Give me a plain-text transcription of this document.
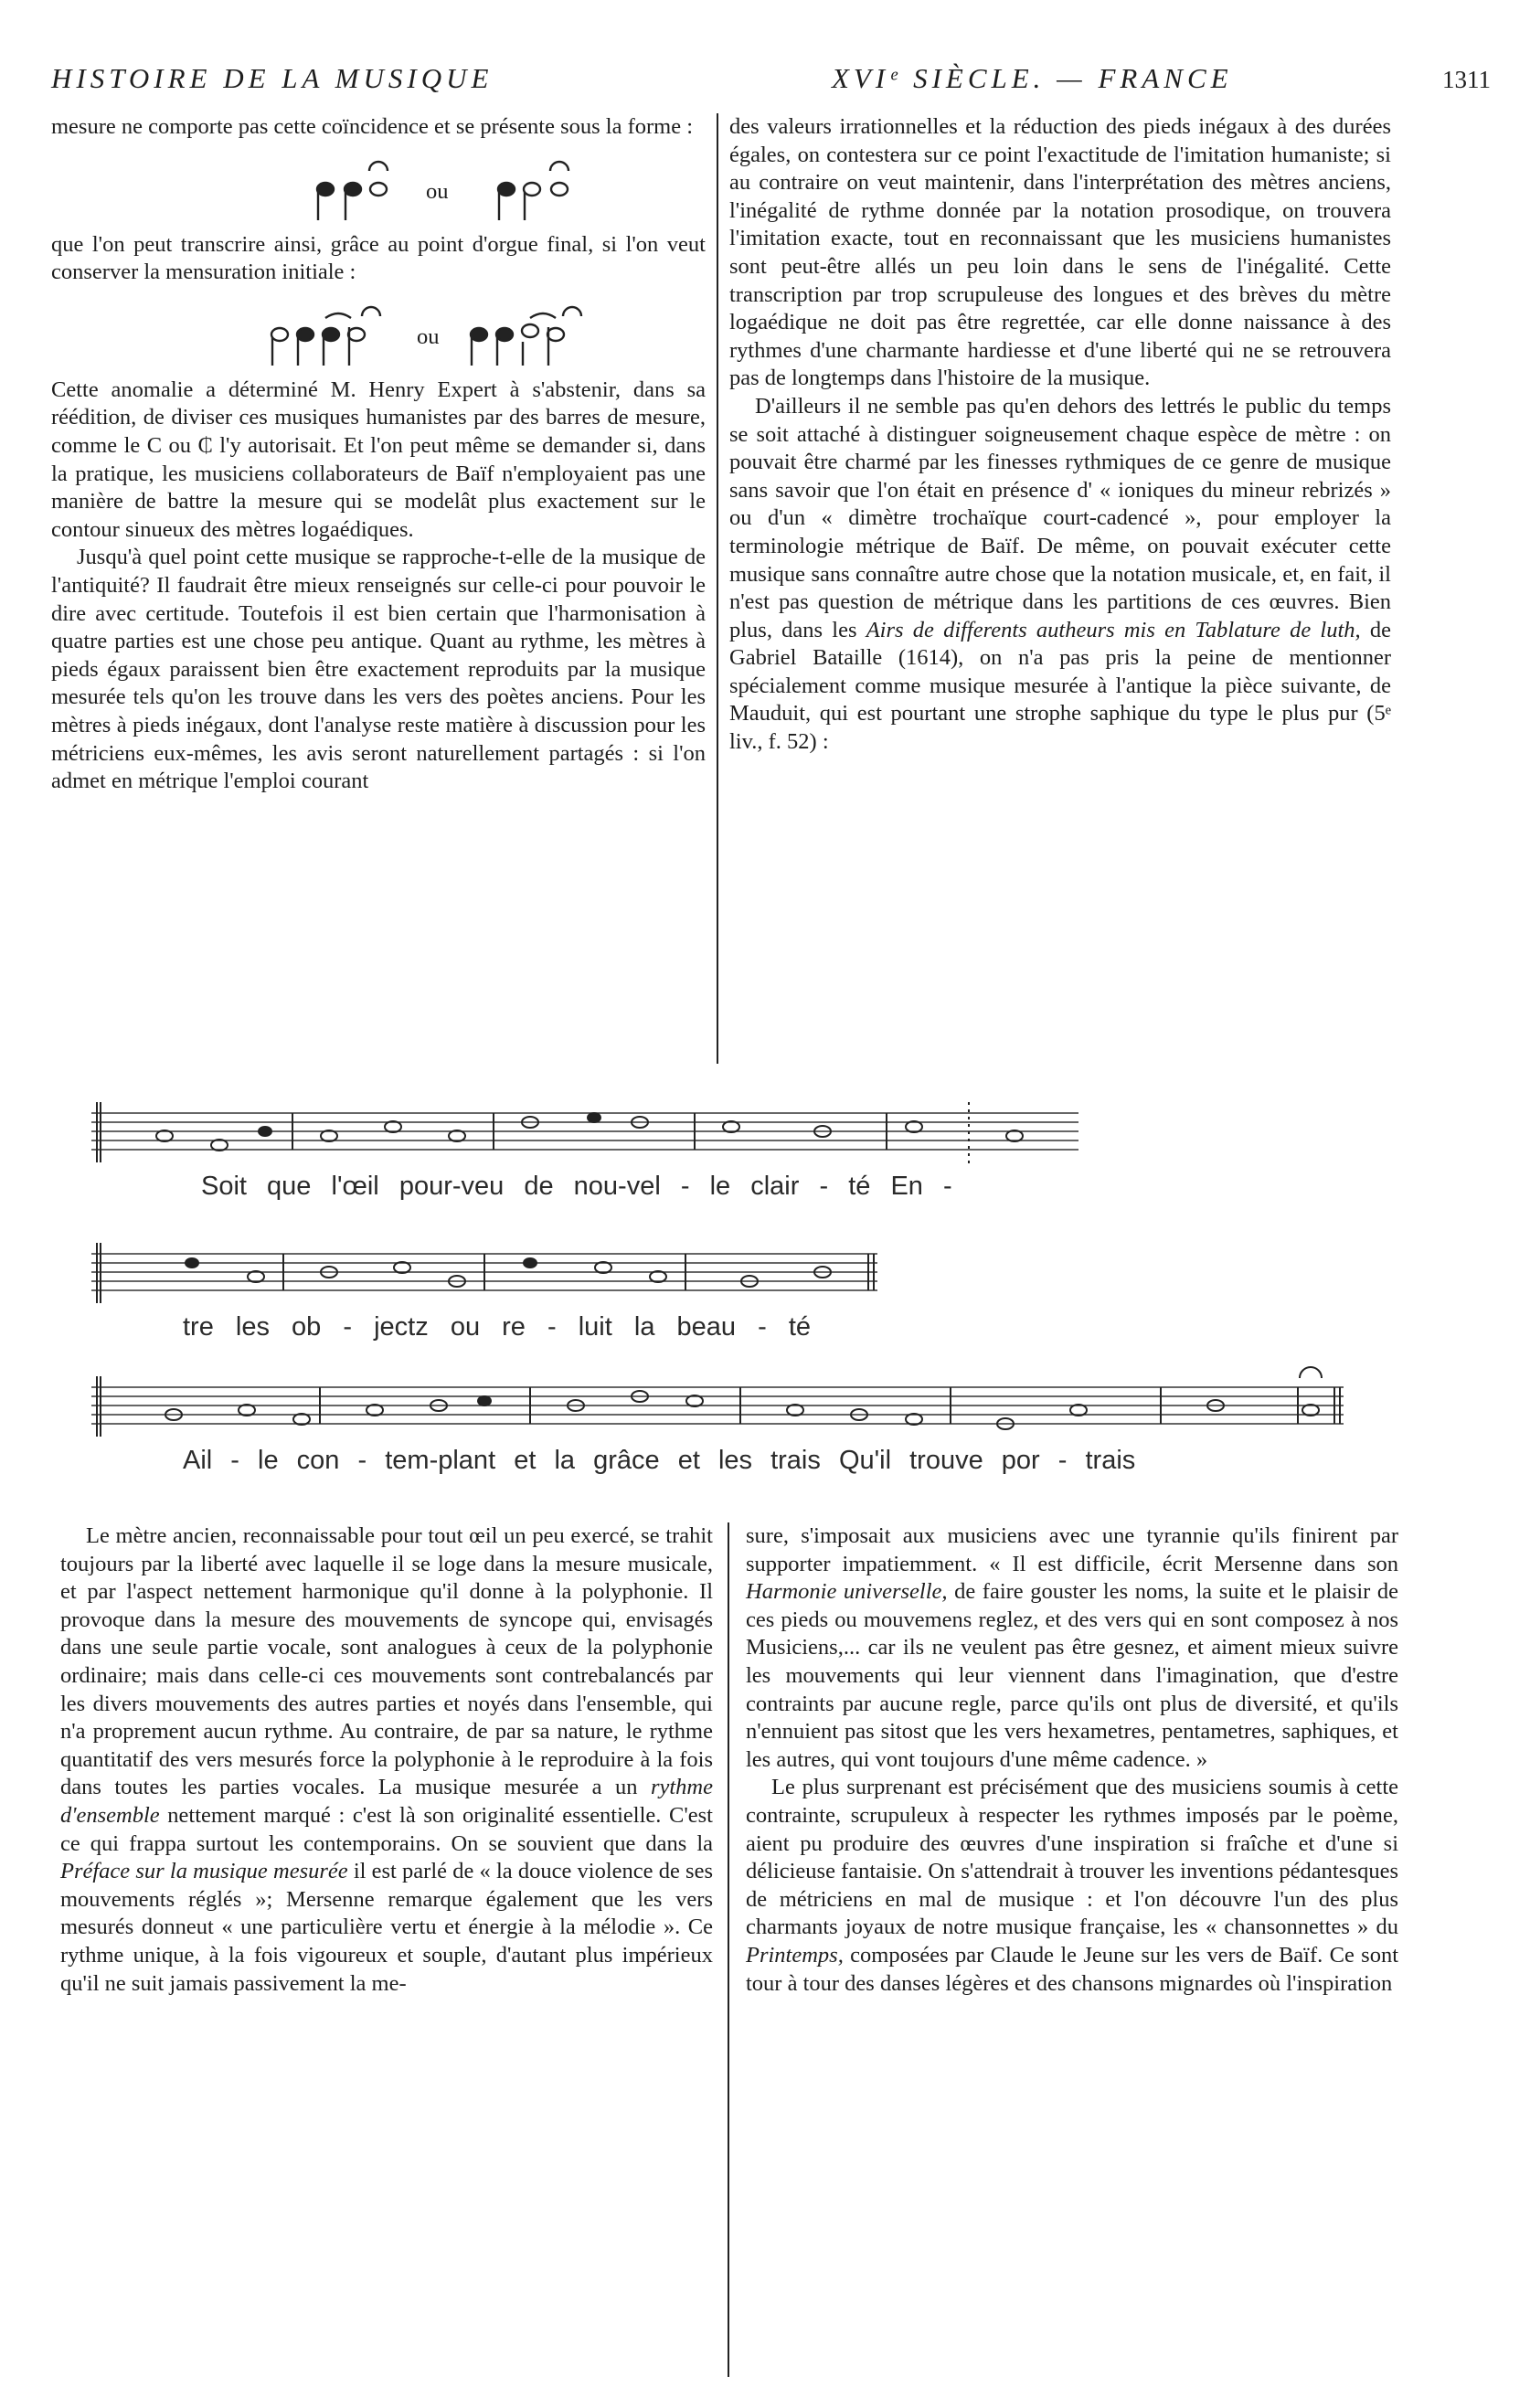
HISTOIRE DE LA MUSIQUE	XVIᵉ SIÈCLE. — FRANCE	1311

mesure ne comporte pas cette coïncidence et se présente sous la forme :

ou

que l'on peut transcrire ainsi, grâce au point d'orgue final, si l'on veut conserver la mensuration initiale :

ou

Cette anomalie a déterminé M. Henry Expert à s'abstenir, dans sa réédition, de diviser ces musiques humanistes par des barres de mesure, comme le C ou ₵ l'y autorisait. Et l'on peut même se demander si, dans la pratique, les musiciens collaborateurs de Baïf n'employaient pas une manière de battre la mesure qui se modelât plus exactement sur le contour sinueux des mètres logaédiques.

Jusqu'à quel point cette musique se rapproche-t-elle de la musique de l'antiquité? Il faudrait être mieux renseignés sur celle-ci pour pouvoir le dire avec certitude. Toutefois il est bien certain que l'harmonisation à quatre parties est une chose peu antique. Quant au rythme, les mètres à pieds égaux paraissent bien être exactement reproduits par la musique mesurée tels qu'on les trouve dans les vers des poètes anciens. Pour les mètres à pieds inégaux, dont l'analyse reste matière à discussion pour les métriciens eux-mêmes, les avis seront naturellement partagés : si l'on admet en métrique l'emploi courant

des valeurs irrationnelles et la réduction des pieds inégaux à des durées égales, on contestera sur ce point l'exactitude de l'imitation humaniste; si au contraire on veut maintenir, dans l'interprétation des mètres anciens, l'inégalité de rythme donnée par la notation prosodique, on trouvera l'imitation exacte, tout en reconnaissant que les musiciens humanistes sont peut-être allés un peu loin dans le sens de l'inégalité. Cette transcription par trop scrupuleuse des longues et des brèves du mètre logaédique ne doit pas être regrettée, car elle donne naissance à des rythmes d'une charmante hardiesse et d'une liberté qui ne se retrouvera pas de longtemps dans l'histoire de la musique.

D'ailleurs il ne semble pas qu'en dehors des lettrés le public du temps se soit attaché à distinguer soigneusement chaque espèce de mètre : on pouvait être charmé par les finesses rythmiques de ce genre de musique sans savoir que l'on était en présence d' « ioniques du mineur rebrizés » ou d'un « dimètre trochaïque court-cadencé », pour employer la terminologie métrique de Baïf. De même, on pouvait exécuter cette musique sans connaître autre chose que la notation musicale, et, en fait, il n'est pas question de métrique dans les partitions de ces œuvres. Bien plus, dans les Airs de differents autheurs mis en Tablature de luth, de Gabriel Bataille (1614), on n'a pas pris la peine de mentionner spécialement comme musique mesurée à l'antique la pièce suivante, de Mauduit, qui est pourtant une strophe saphique du type le plus pur (5ᵉ liv., f. 52) :

Soit que l'œil pour-veu de nou-vel - le clair - té En -
tre les ob - jectz ou re - luit la beau - té
Ail - le con - tem-plant et la grâce et les trais Qu'il trouve por - trais

Le mètre ancien, reconnaissable pour tout œil un peu exercé, se trahit toujours par la liberté avec laquelle il se loge dans la mesure musicale, et par l'aspect nettement harmonique qu'il donne à la polyphonie. Il provoque dans la mesure des mouvements de syncope qui, envisagés dans une seule partie vocale, sont analogues à ceux de la polyphonie ordinaire; mais dans celle-ci ces mouvements sont contrebalancés par les divers mouvements des autres parties et noyés dans l'ensemble, qui n'a proprement aucun rythme. Au contraire, de par sa nature, le rythme quantitatif des vers mesurés force la polyphonie à le reproduire à la fois dans toutes les parties vocales. La musique mesurée a un rythme d'ensemble nettement marqué : c'est là son originalité essentielle. C'est ce qui frappa surtout les contemporains. On se souvient que dans la Préface sur la musique mesurée il est parlé de « la douce violence de ses mouvements réglés »; Mersenne remarque également que les vers mesurés donneut « une particulière vertu et énergie à la mélodie ». Ce rythme unique, à la fois vigoureux et souple, d'autant plus impérieux qu'il ne suit jamais passivement la me-

sure, s'imposait aux musiciens avec une tyrannie qu'ils finirent par supporter impatiemment. « Il est difficile, écrit Mersenne dans son Harmonie universelle, de faire gouster les noms, la suite et le plaisir de ces pieds ou mouvemens reglez, et des vers qui en sont composez à nos Musiciens,... car ils ne veulent pas être gesnez, et aiment mieux suivre les mouvements qui leur viennent dans l'imagination, que d'estre contraints par aucune regle, parce qu'ils ont plus de diversité, et qu'ils n'ennuient pas sitost que les vers hexametres, pentametres, saphiques, et les autres, qui vont toujours d'une même cadence. »

Le plus surprenant est précisément que des musiciens soumis à cette contrainte, scrupuleux à respecter les rythmes imposés par le poème, aient pu produire des œuvres d'une inspiration si fraîche et d'une si délicieuse fantaisie. On s'attendrait à trouver les inventions pédantesques de métriciens en mal de musique : et l'on découvre l'un des plus charmants joyaux de notre musique française, les « chansonnettes » du Printemps, composées par Claude le Jeune sur les vers de Baïf. Ce sont tour à tour des danses légères et des chansons mignardes où l'inspiration
